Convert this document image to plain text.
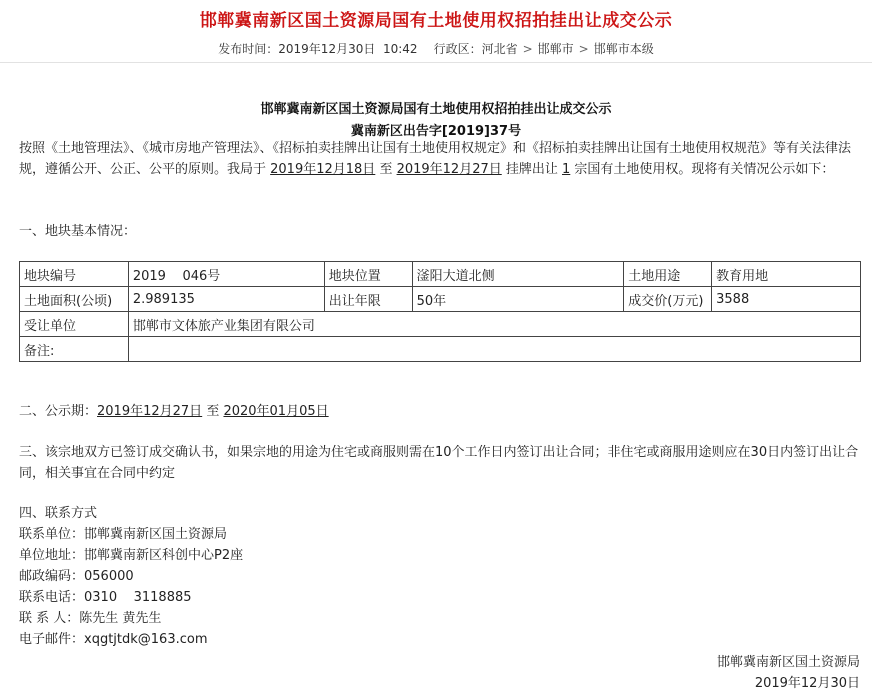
邯郸冀南新区国土资源局国有土地使用权招拍挂出让成交公示
发布时间：2019年12月30日  10:42 行政区：河北省 > 邯郸市 > 邯郸市本级
邯郸冀南新区国土资源局国有土地使用权招拍挂出让成交公示
冀南新区出告字[2019]37号
按照《土地管理法》、《城市房地产管理法》、《招标拍卖挂牌出让国有土地使用权规定》和《招标拍卖挂牌出让国有土地使用权规范》等有关法律法规，遵循公开、公正、公平的原则。我局于 2019年12月18日 至 2019年12月27日 挂牌出让 1 宗国有土地使用权。现将有关情况公示如下：
一、地块基本情况：
地块编号	2019    046号	地块位置	滏阳大道北侧	土地用途	教育用地
土地面积(公顷)	2.989135	出让年限	50年	成交价(万元)	3588
受让单位	邯郸市文体旅产业集团有限公司				
备注:					
二、公示期：2019年12月27日 至 2020年01月05日
三、该宗地双方已签订成交确认书，如果宗地的用途为住宅或商服则需在10个工作日内签订出让合同；非住宅或商服用途则应在30日内签订出让合同，相关事宜在合同中约定
四、联系方式
联系单位：邯郸冀南新区国土资源局
单位地址：邯郸冀南新区科创中心P2座
邮政编码：056000
联系电话：0310    3118885
联 系 人：陈先生 黄先生
电子邮件：xqgtjtdk@163.com
邯郸冀南新区国土资源局
2019年12月30日
